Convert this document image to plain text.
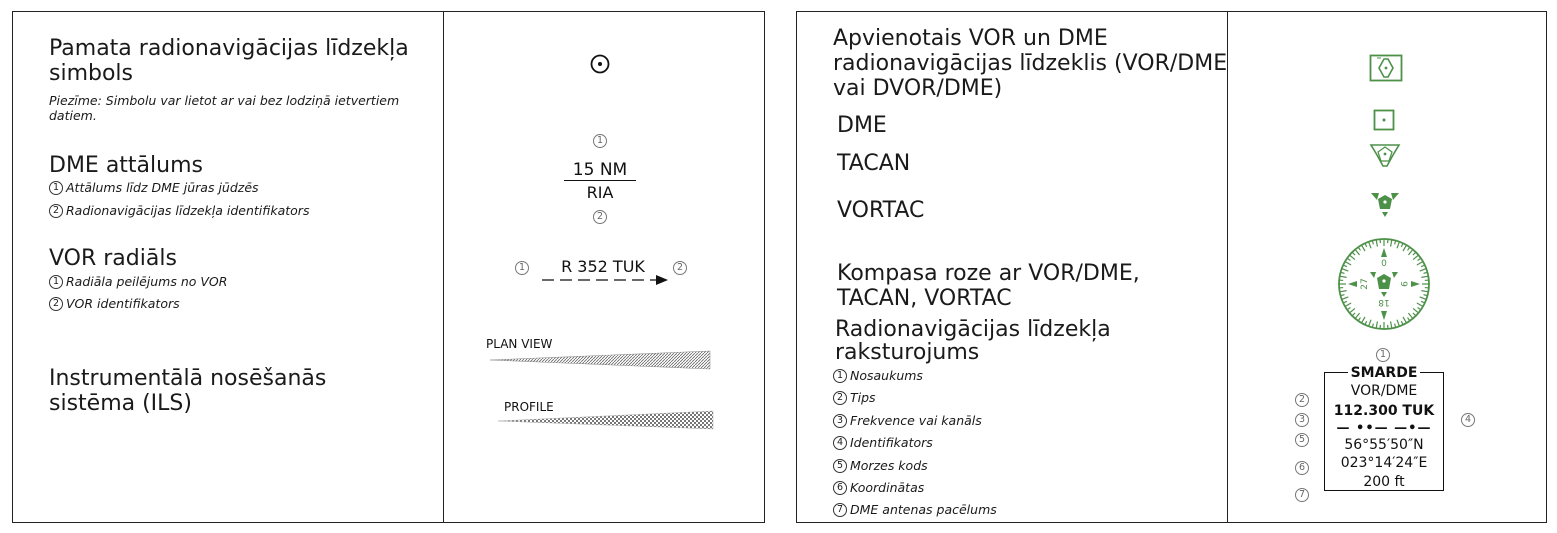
Pamata radionavigācijas līdzekļa simbols
Piezīme: Simbolu var lietot ar vai bez lodziņā ietvertiem datiem.
DME attālums
1 Attālums līdz DME jūras jūdzēs
2 Radionavigācijas līdzekļa identifikators
1
15 NM
RIA
2
VOR radiāls
1 Radiāla peilējums no VOR
2 VOR identifikators
1	R 352 TUK	2
Instrumentālā nosēšanās sistēma (ILS)
PLAN VIEW
PROFILE
Apvienotais VOR un DME radionavigācijas līdzeklis (VOR/DME vai DVOR/DME)
DME
TACAN
VORTAC
Kompasa roze ar VOR/DME, TACAN, VORTAC
0
9
18
27
Radionavigācijas līdzekļa raksturojums
1 Nosaukums
2 Tips
3 Frekvence vai kanāls
4 Identifikators
5 Morzes kods
6 Koordinātas
7 DME antenas pacēlums
1
SMARDE
VOR/DME
112.300 TUK
— ••— —•—
56°55′50″N
023°14′24″E
200 ft
2
3	4
5
6
7
